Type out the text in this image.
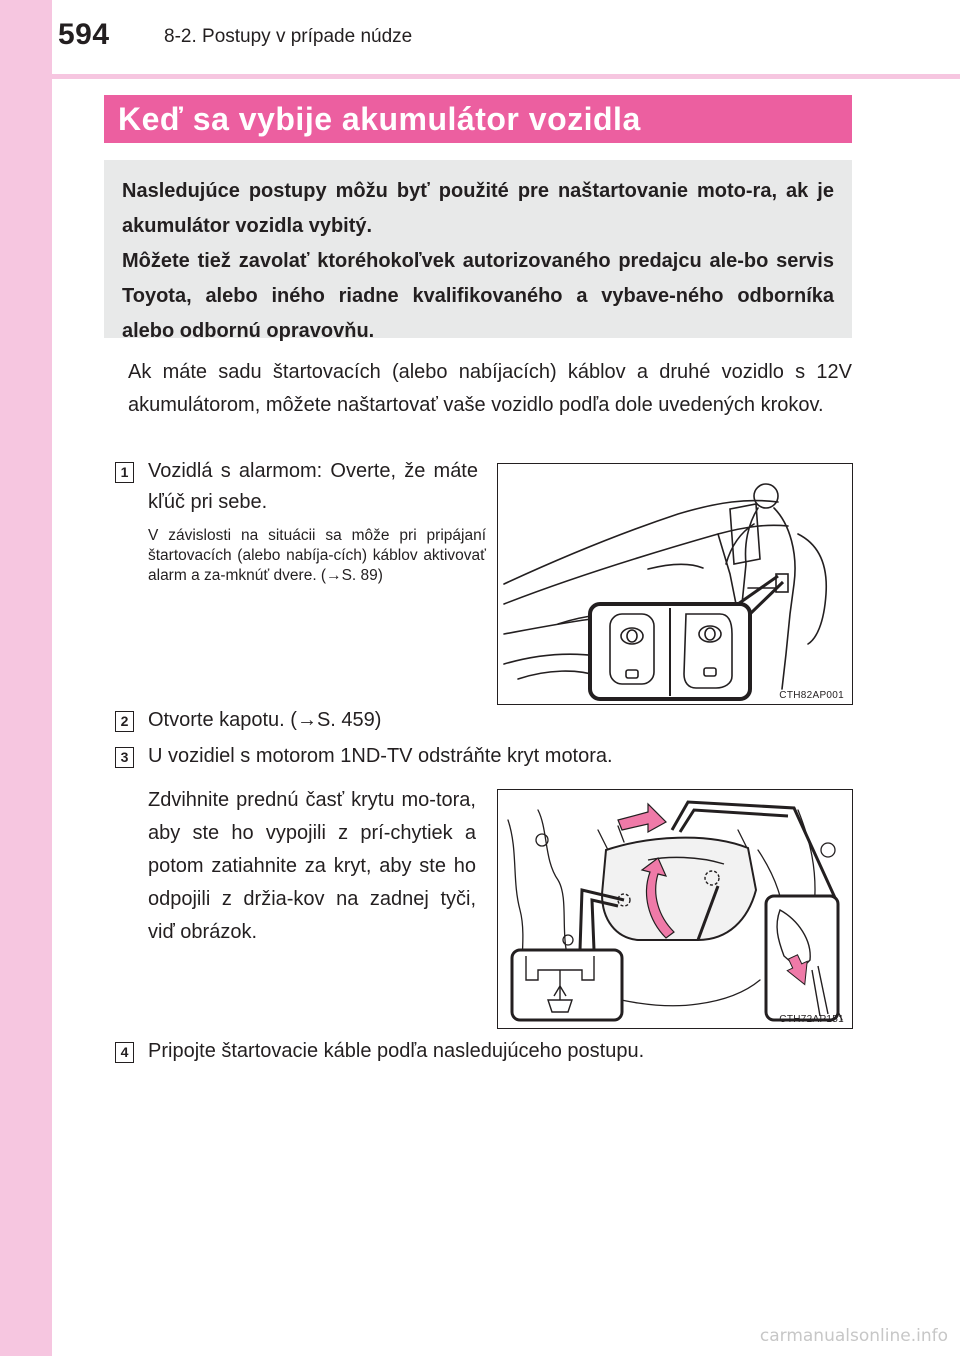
594	8-2. Postupy v prípade núdze
Keď sa vybije akumulátor vozidla

Nasledujúce postupy môžu byť použité pre naštartovanie moto-ra, ak je akumulátor vozidla vybitý.

Môžete tiež zavolať ktoréhokoľvek autorizovaného predajcu ale-bo servis Toyota, alebo iného riadne kvalifikovaného a vybave-ného odborníka alebo odbornú opravovňu.

Ak máte sadu štartovacích (alebo nabíjacích) káblov a druhé vozidlo s 12V akumulátorom, môžete naštartovať vaše vozidlo podľa dole uvedených krokov.

1 Vozidlá s alarmom: Overte, že máte kľúč pri sebe.

V závislosti na situácii sa môže pri pripájaní štartovacích (alebo nabíja-cích) káblov aktivovať alarm a za-mknúť dvere. (→S. 89)

CTH82AP001
2 Otvorte kapotu. (→S. 459)

3 U vozidiel s motorom 1ND-TV odstráňte kryt motora.

Zdvihnite prednú časť krytu mo-tora, aby ste ho vypojili z prí-chytiek a potom zatiahnite za kryt, aby ste ho odpojili z držia-kov na zadnej tyči, viď obrázok.

CTH72AP151
4 Pripojte štartovacie káble podľa nasledujúceho postupu.

carmanualsonline.info
